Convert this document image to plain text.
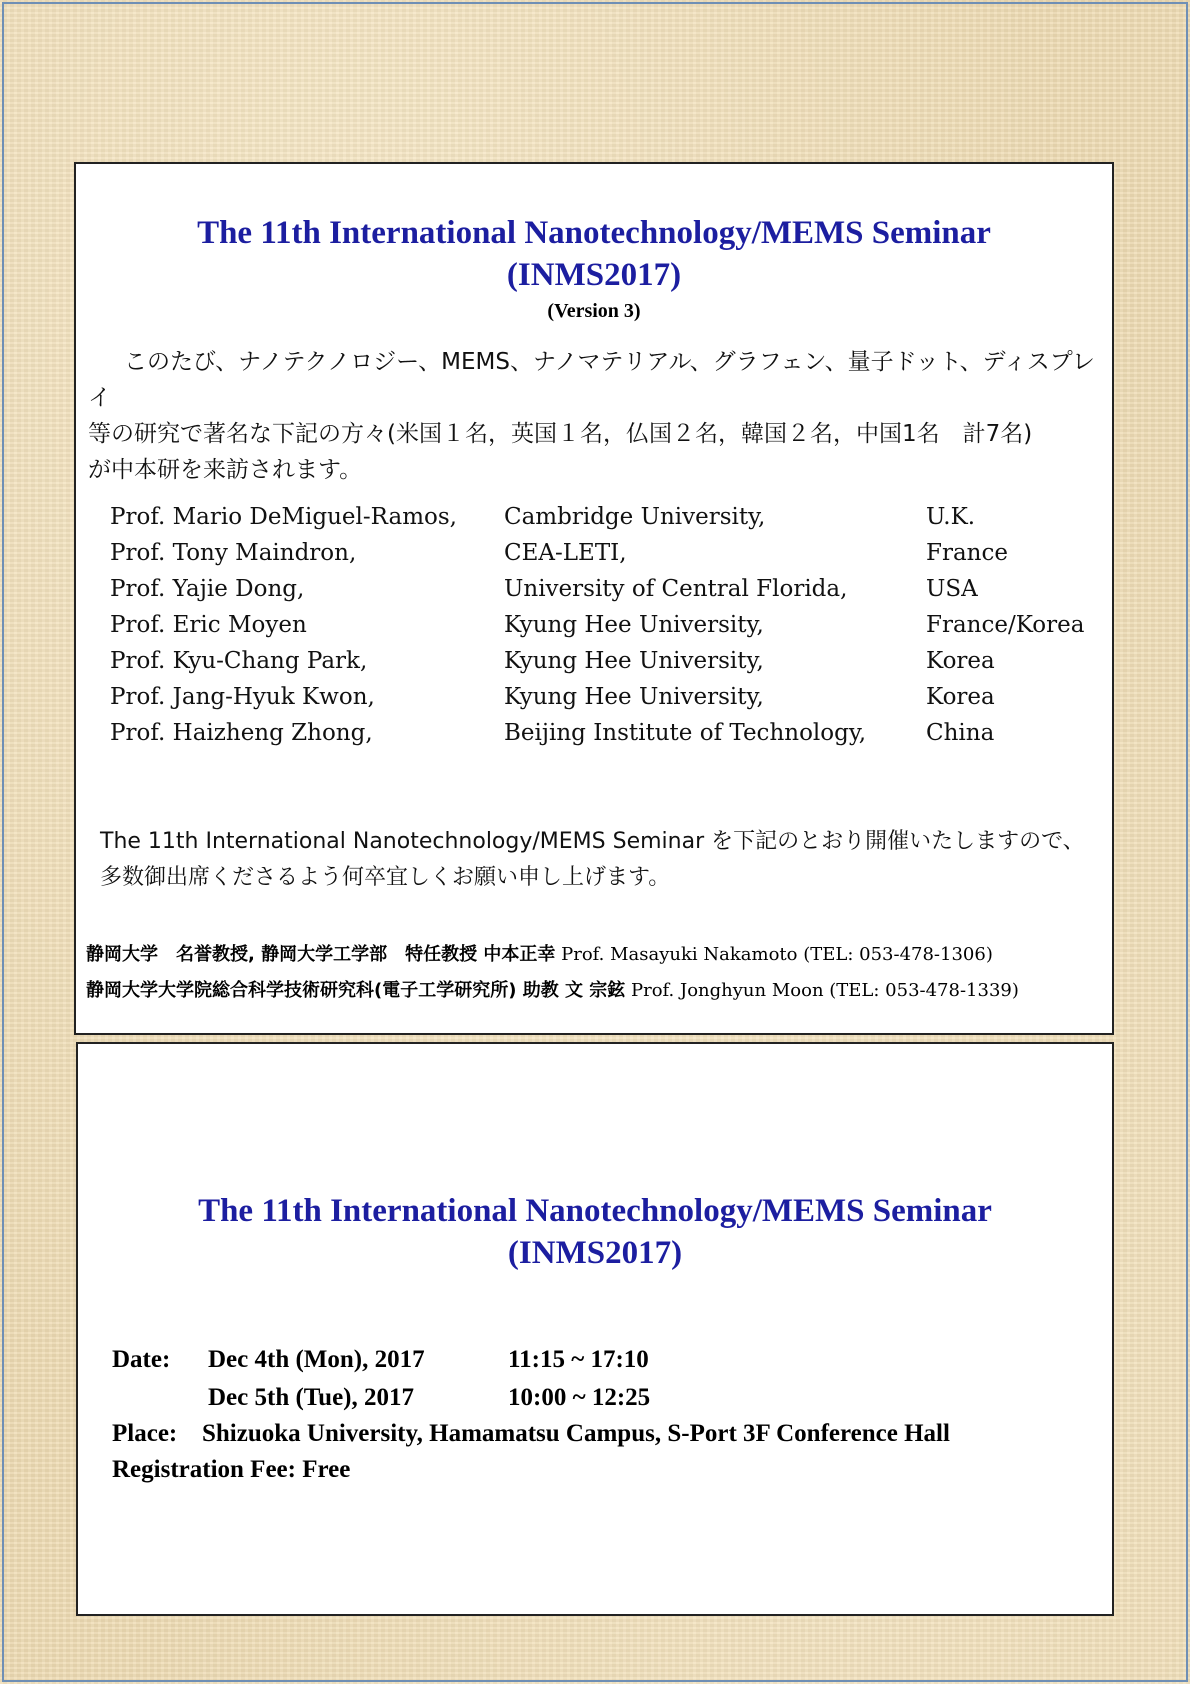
The 11th International Nanotechnology/MEMS Seminar
(INMS2017)
(Version 3)
このたび、ナノテクノロジー、MEMS、ナノマテリアル、グラフェン、量子ドット、ディスプレイ
等の研究で著名な下記の方々(米国１名，英国１名，仏国２名，韓国２名，中国1名　計7名)
が中本研を来訪されます。
Prof. Mario DeMiguel-Ramos, Cambridge University,	U.K.
Prof. Tony Maindron,	CEA-LETI,	France
Prof. Yajie Dong,	University of Central Florida,	USA
Prof. Eric Moyen	Kyung Hee University,	France/Korea
Prof. Kyu-Chang Park,	Kyung Hee University,	Korea
Prof. Jang-Hyuk Kwon,	Kyung Hee University,	Korea
Prof. Haizheng Zhong,	Beijing Institute of Technology,	China
The 11th International Nanotechnology/MEMS Seminar を下記のとおり開催いたしますので、
多数御出席くださるよう何卒宜しくお願い申し上げます。
静岡大学　名誉教授, 静岡大学工学部　特任教授 中本正幸 Prof. Masayuki Nakamoto (TEL: 053-478-1306)
静岡大学大学院総合科学技術研究科(電子工学研究所) 助教 文 宗鉉 Prof. Jonghyun Moon (TEL: 053-478-1339)
The 11th International Nanotechnology/MEMS Seminar
(INMS2017)
Date: Dec 4th (Mon), 2017	11:15 ~ 17:10
Dec 5th (Tue), 2017	10:00 ~ 12:25
Place: Shizuoka University, Hamamatsu Campus, S-Port 3F Conference Hall
Registration Fee: Free
